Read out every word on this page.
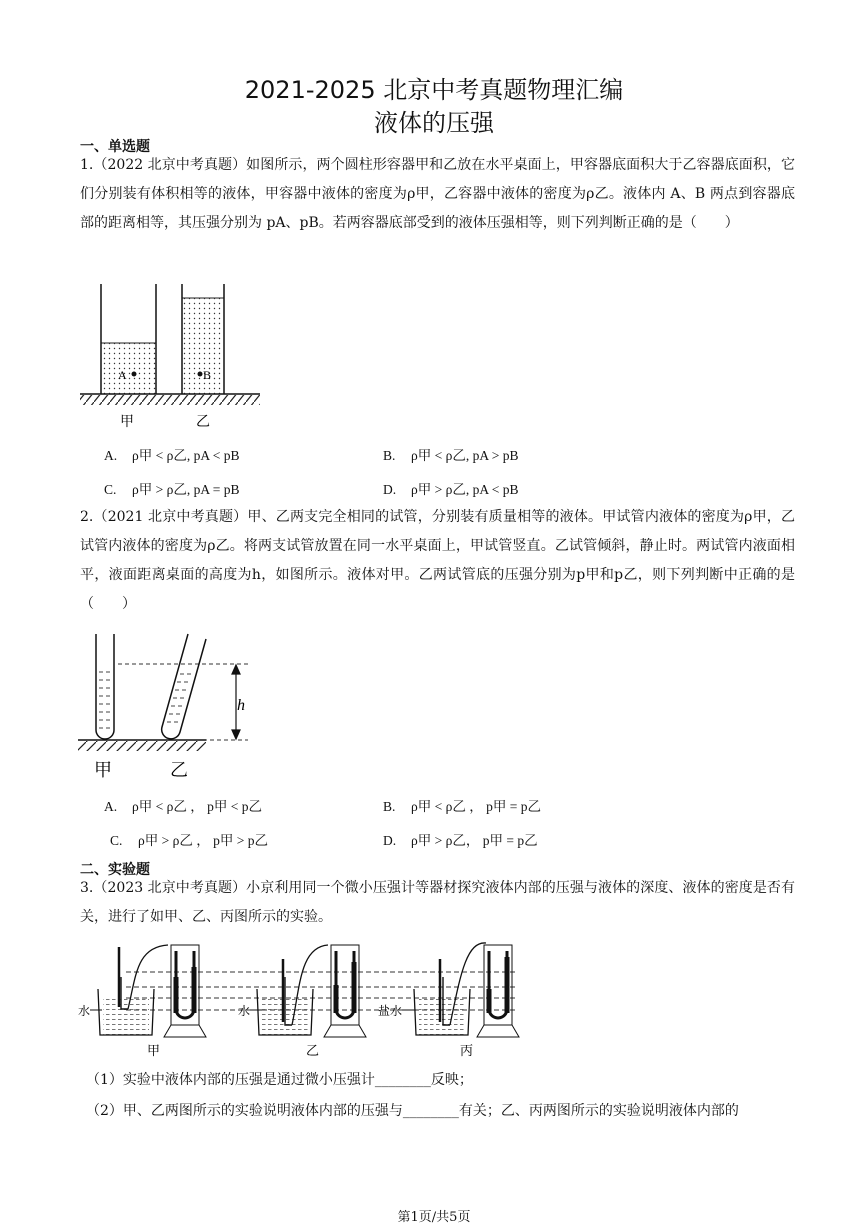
2021-2025 北京中考真题物理汇编
液体的压强
一、单选题
1.（2022 北京中考真题）如图所示，两个圆柱形容器甲和乙放在水平桌面上，甲容器底面积大于乙容器底面积，它们分别装有体积相等的液体，甲容器中液体的密度为ρ甲，乙容器中液体的密度为ρ乙。液体内 A、B 两点到容器底部的距离相等，其压强分别为 pA、pB。若两容器底部受到的液体压强相等，则下列判断正确的是（　　）
A	B
甲	乙
A. ρ甲 < ρ乙, pA < pB	B. ρ甲 < ρ乙, pA > pB
C. ρ甲 > ρ乙, pA = pB	D. ρ甲 > ρ乙, pA < pB
2.（2021 北京中考真题）甲、乙两支完全相同的试管，分别装有质量相等的液体。甲试管内液体的密度为ρ甲，乙试管内液体的密度为ρ乙。将两支试管放置在同一水平桌面上，甲试管竖直。乙试管倾斜，静止时。两试管内液面相平，液面距离桌面的高度为h，如图所示。液体对甲。乙两试管底的压强分别为p甲和p乙，则下列判断中正确的是（　　）
h
甲	乙
A. ρ甲 < ρ乙 ， p甲 < p乙	B. ρ甲 < ρ乙 ， p甲 = p乙
C. ρ甲 > ρ乙 ， p甲 > p乙	D. ρ甲 > ρ乙， p甲 = p乙
二、实验题
3.（2023 北京中考真题）小京利用同一个微小压强计等器材探究液体内部的压强与液体的深度、液体的密度是否有关，进行了如甲、乙、丙图所示的实验。
水	水	盐水
甲	乙	丙
（1）实验中液体内部的压强是通过微小压强计________反映；
（2）甲、乙两图所示的实验说明液体内部的压强与________有关；乙、丙两图所示的实验说明液体内部的
第1页/共5页
